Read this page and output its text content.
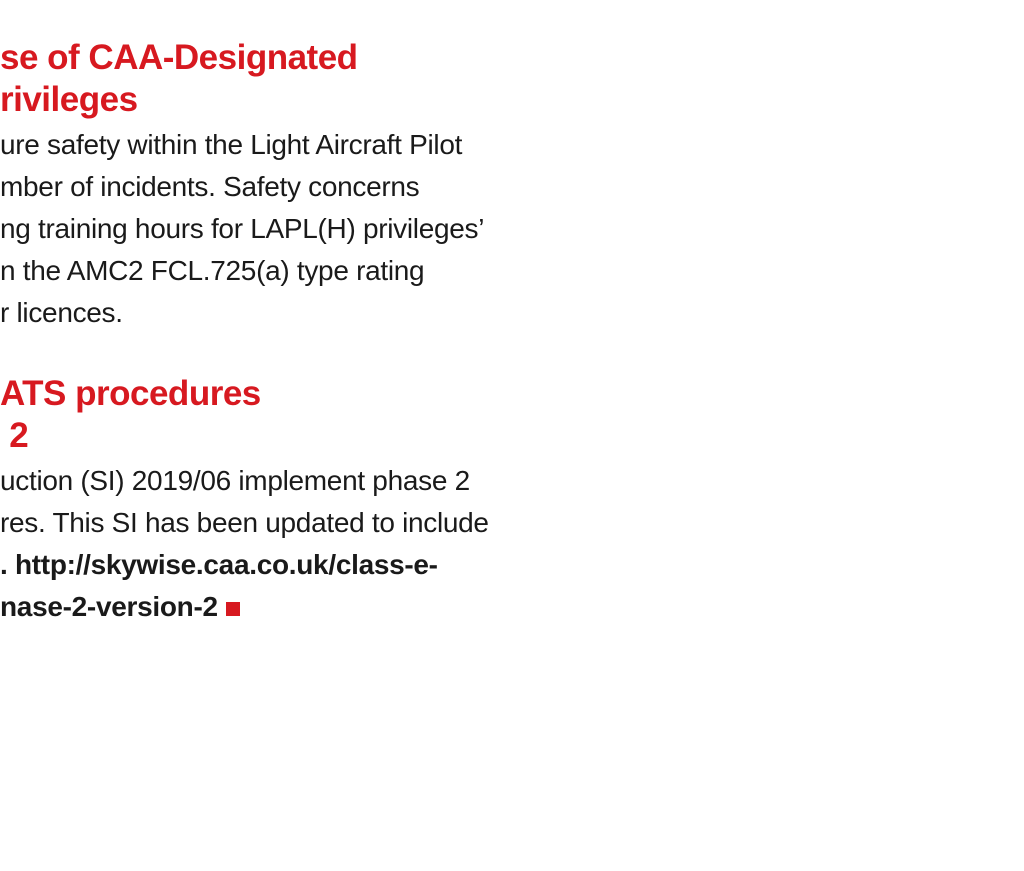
se of CAA-Designated
rivileges
ure safety within the Light Aircraft Pilot
mber of incidents. Safety concerns
ng training hours for LAPL(H) privileges’
n the AMC2 FCL.725(a) type rating
r licences.
ATS procedures
2
uction (SI) 2019/06 implement phase 2
res. This SI has been updated to include
. http://skywise.caa.co.uk/class-e-
nase-2-version-2
